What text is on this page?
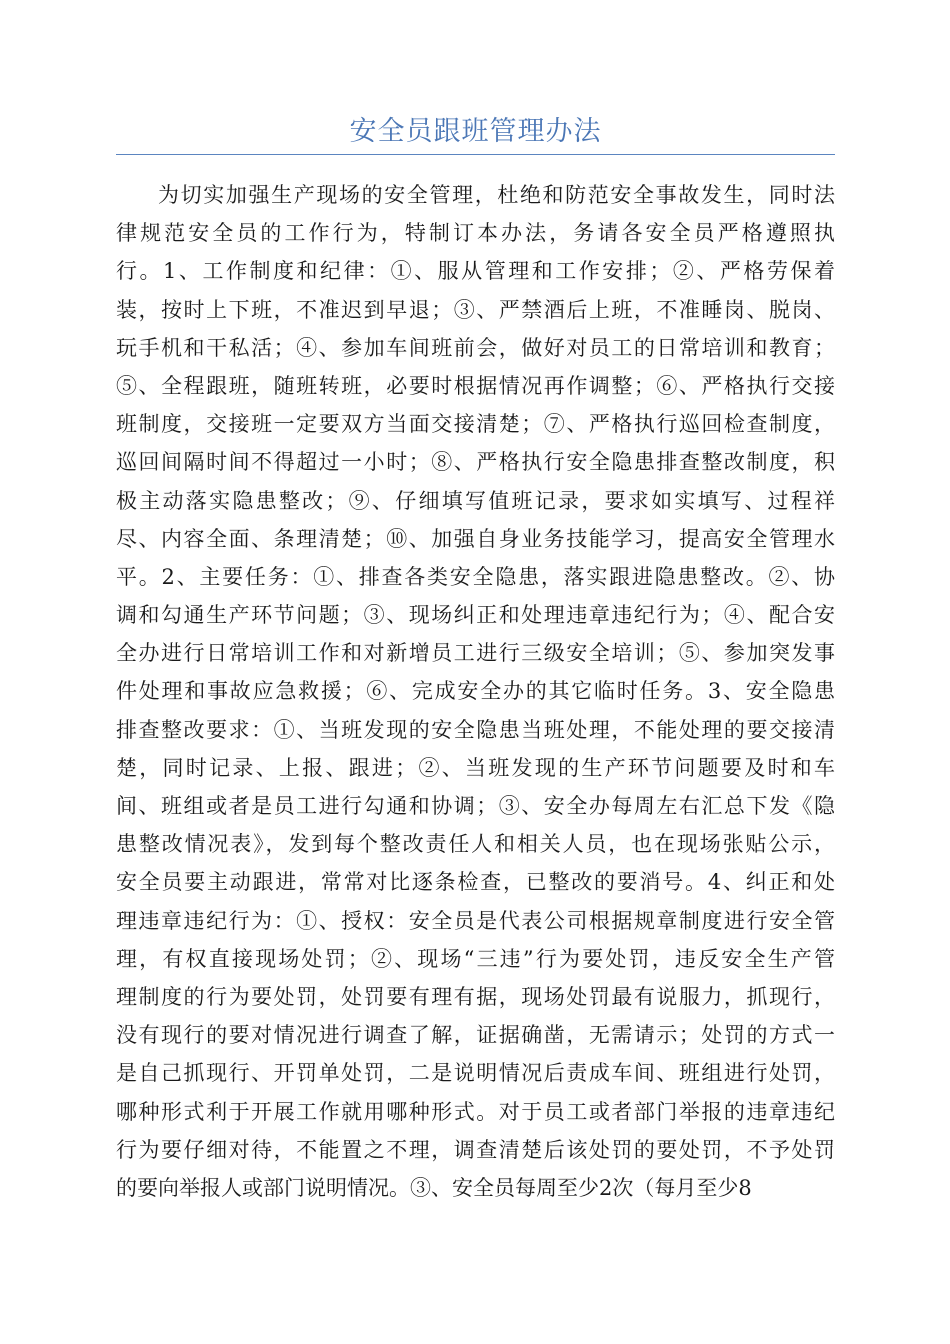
安全员跟班管理办法
为切实加强生产现场的安全管理，杜绝和防范安全事故发生，同时法
律规范安全员的工作行为，特制订本办法，务请各安全员严格遵照执
行。1、工作制度和纪律：①、服从管理和工作安排；②、严格劳保着
装，按时上下班，不准迟到早退；③、严禁酒后上班，不准睡岗、脱岗、
玩手机和干私活；④、参加车间班前会，做好对员工的日常培训和教育；
⑤、全程跟班，随班转班，必要时根据情况再作调整；⑥、严格执行交接
班制度，交接班一定要双方当面交接清楚；⑦、严格执行巡回检查制度，
巡回间隔时间不得超过一小时；⑧、严格执行安全隐患排查整改制度，积
极主动落实隐患整改；⑨、仔细填写值班记录，要求如实填写、过程祥
尽、内容全面、条理清楚；⑩、加强自身业务技能学习，提高安全管理水
平。2、主要任务：①、排查各类安全隐患，落实跟进隐患整改。②、协
调和勾通生产环节问题；③、现场纠正和处理违章违纪行为；④、配合安
全办进行日常培训工作和对新增员工进行三级安全培训；⑤、参加突发事
件处理和事故应急救援；⑥、完成安全办的其它临时任务。3、安全隐患
排查整改要求：①、当班发现的安全隐患当班处理，不能处理的要交接清
楚，同时记录、上报、跟进；②、当班发现的生产环节问题要及时和车
间、班组或者是员工进行勾通和协调；③、安全办每周左右汇总下发《隐
患整改情况表》，发到每个整改责任人和相关人员，也在现场张贴公示，
安全员要主动跟进，常常对比逐条检查，已整改的要消号。4、纠正和处
理违章违纪行为：①、授权：安全员是代表公司根据规章制度进行安全管
理，有权直接现场处罚；②、现场“三违”行为要处罚，违反安全生产管
理制度的行为要处罚，处罚要有理有据，现场处罚最有说服力，抓现行，
没有现行的要对情况进行调查了解，证据确凿，无需请示；处罚的方式一
是自己抓现行、开罚单处罚，二是说明情况后责成车间、班组进行处罚，
哪种形式利于开展工作就用哪种形式。对于员工或者部门举报的违章违纪
行为要仔细对待，不能置之不理，调查清楚后该处罚的要处罚，不予处罚
的要向举报人或部门说明情况。③、安全员每周至少2次（每月至少8
